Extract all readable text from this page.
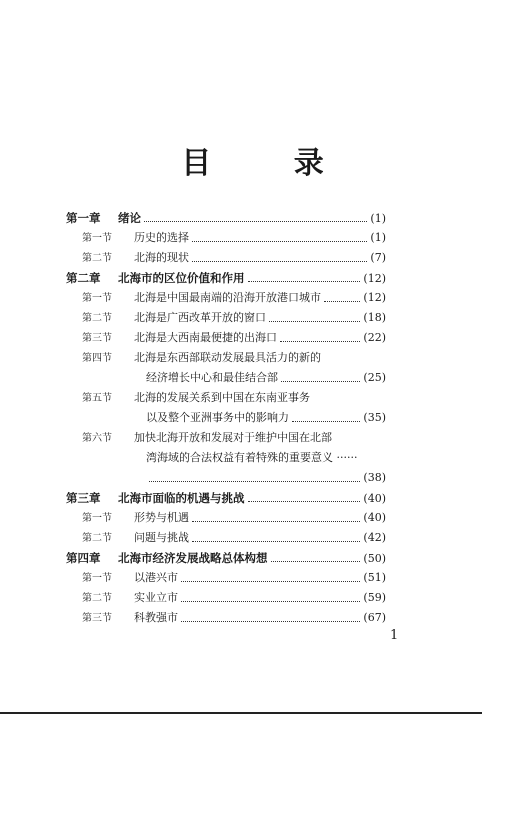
目 录
第一章	绪论	(1)
第一节	历史的选择	(1)
第二节	北海的现状	(7)
第二章	北海市的区位价值和作用	(12)
第一节	北海是中国最南端的沿海开放港口城市	(12)
第二节	北海是广西改革开放的窗口	(18)
第三节	北海是大西南最便捷的出海口	(22)
第四节	北海是东西部联动发展最具活力的新的
经济增长中心和最佳结合部	(25)
第五节	北海的发展关系到中国在东南亚事务
以及整个亚洲事务中的影响力	(35)
第六节	加快北海开放和发展对于维护中国在北部
湾海域的合法权益有着特殊的重要意义 ······
(38)
第三章	北海市面临的机遇与挑战	(40)
第一节	形势与机遇	(40)
第二节	问题与挑战	(42)
第四章	北海市经济发展战略总体构想	(50)
第一节	以港兴市	(51)
第二节	实业立市	(59)
第三节	科教强市	(67)
1
